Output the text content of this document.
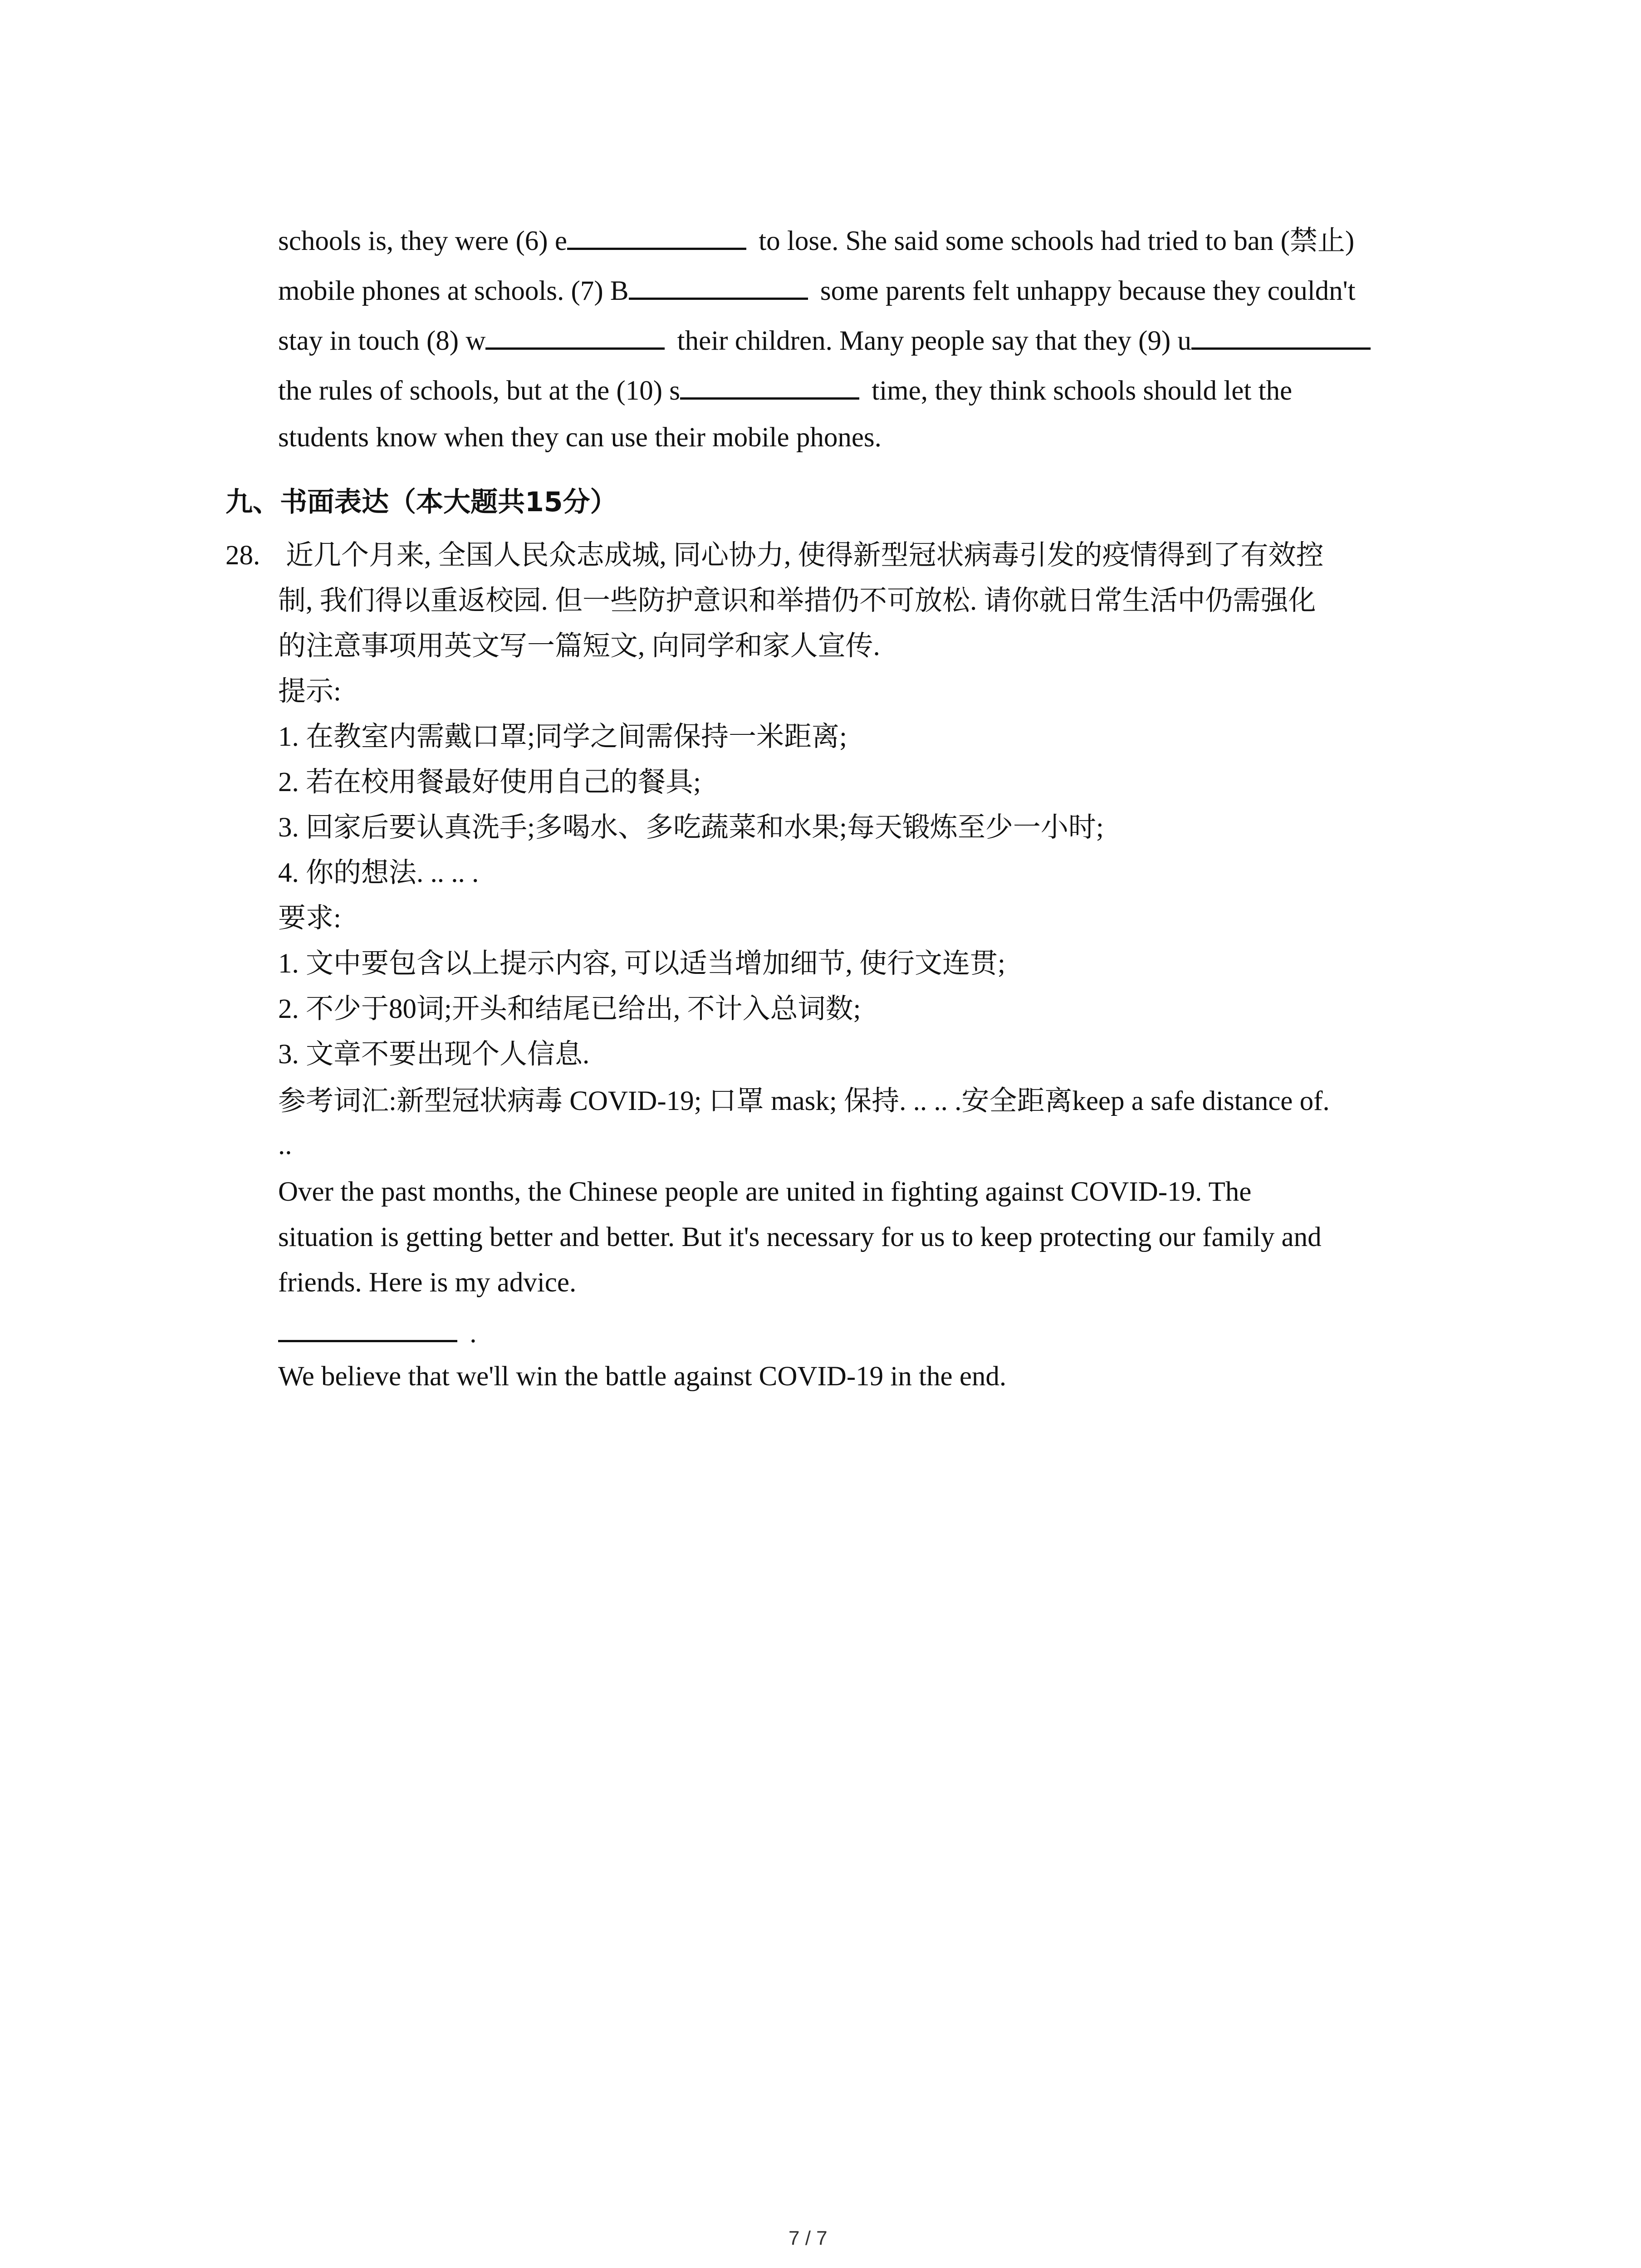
schools is, they were (6) e	to lose. She said some schools had tried to ban (禁止)
mobile phones at schools. (7) B	some parents felt unhappy because they couldn't
stay in touch (8) w	their children. Many people say that they (9) u
the rules of schools, but at the (10) s	time, they think schools should let the
students know when they can use their mobile phones.
九、书面表达（本大题共15分）
28. 近几个月来, 全国人民众志成城, 同心协力, 使得新型冠状病毒引发的疫情得到了有效控
制, 我们得以重返校园. 但一些防护意识和举措仍不可放松. 请你就日常生活中仍需强化
的注意事项用英文写一篇短文, 向同学和家人宣传.
提示:
1. 在教室内需戴口罩;同学之间需保持一米距离;
2. 若在校用餐最好使用自己的餐具;
3. 回家后要认真洗手;多喝水、多吃蔬菜和水果;每天锻炼至少一小时;
4. 你的想法. .. .. .
要求:
1. 文中要包含以上提示内容, 可以适当增加细节, 使行文连贯;
2. 不少于80词;开头和结尾已给出, 不计入总词数;
3. 文章不要出现个人信息.
参考词汇:新型冠状病毒 COVID-19; 口罩 mask; 保持. .. .. .安全距离keep a safe distance of.
..
Over the past months, the Chinese people are united in fighting against COVID-19. The
situation is getting better and better. But it's necessary for us to keep protecting our family and
friends. Here is my advice.
.
We believe that we'll win the battle against COVID-19 in the end.
7 / 7
